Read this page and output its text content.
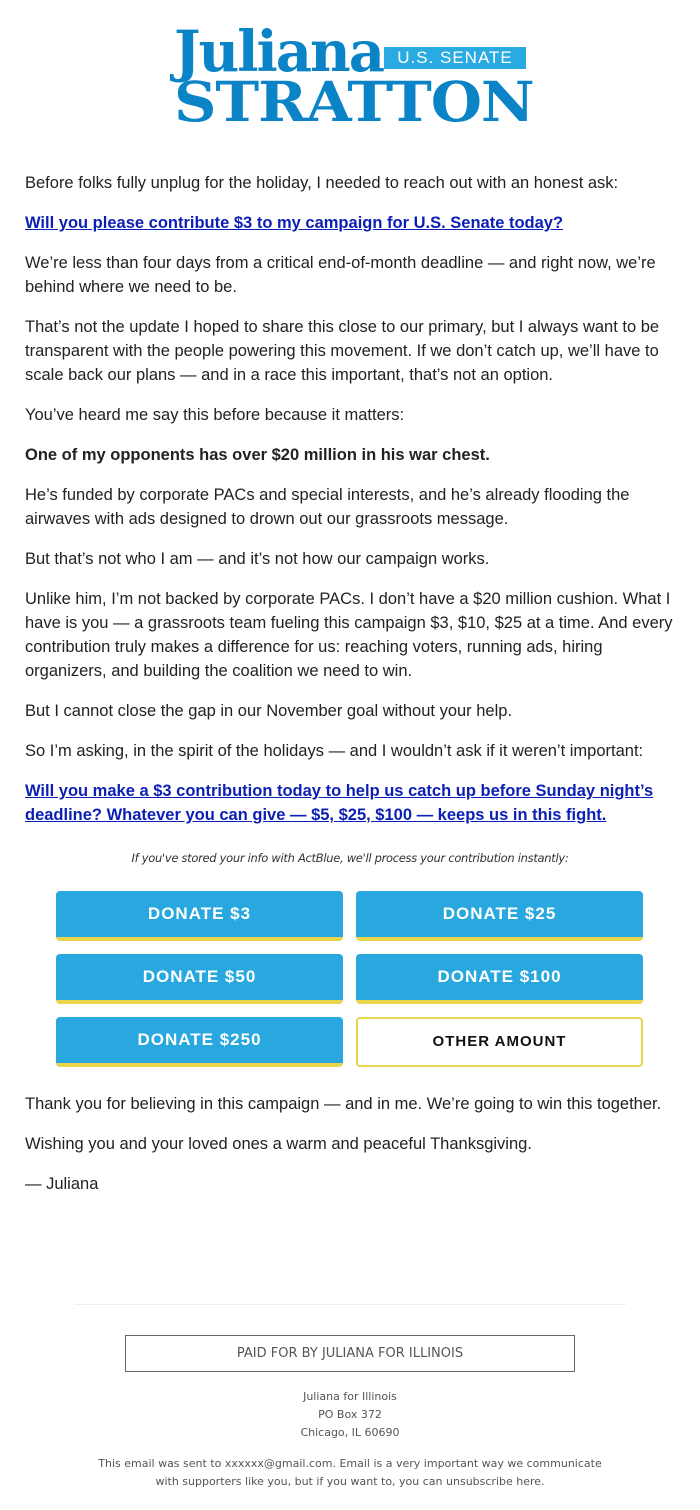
Juliana U.S. SENATE
STRATTON

Before folks fully unplug for the holiday, I needed to reach out with an honest ask:

Will you please contribute $3 to my campaign for U.S. Senate today?

We’re less than four days from a critical end-of-month deadline — and right now, we’re behind where we need to be.

That’s not the update I hoped to share this close to our primary, but I always want to be transparent with the people powering this movement. If we don’t catch up, we’ll have to scale back our plans — and in a race this important, that’s not an option.

You’ve heard me say this before because it matters:

One of my opponents has over $20 million in his war chest.

He’s funded by corporate PACs and special interests, and he’s already flooding the airwaves with ads designed to drown out our grassroots message.

But that’s not who I am — and it’s not how our campaign works.

Unlike him, I’m not backed by corporate PACs. I don’t have a $20 million cushion. What I have is you — a grassroots team fueling this campaign $3, $10, $25 at a time. And every contribution truly makes a difference for us: reaching voters, running ads, hiring organizers, and building the coalition we need to win.

But I cannot close the gap in our November goal without your help.

So I’m asking, in the spirit of the holidays — and I wouldn’t ask if it weren’t important:

Will you make a $3 contribution today to help us catch up before Sunday night’s deadline? Whatever you can give — $5, $25, $100 — keeps us in this fight.

If you've stored your info with ActBlue, we'll process your contribution instantly:
DONATE $3	DONATE $25
DONATE $50	DONATE $100
DONATE $250	OTHER AMOUNT

Thank you for believing in this campaign — and in me. We’re going to win this together.

Wishing you and your loved ones a warm and peaceful Thanksgiving.

— Juliana

PAID FOR BY JULIANA FOR ILLINOIS
Juliana for Illinois
PO Box 372
Chicago, IL 60690
This email was sent to xxxxxx@gmail.com. Email is a very important way we communicate with supporters like you, but if you want to, you can unsubscribe here.
